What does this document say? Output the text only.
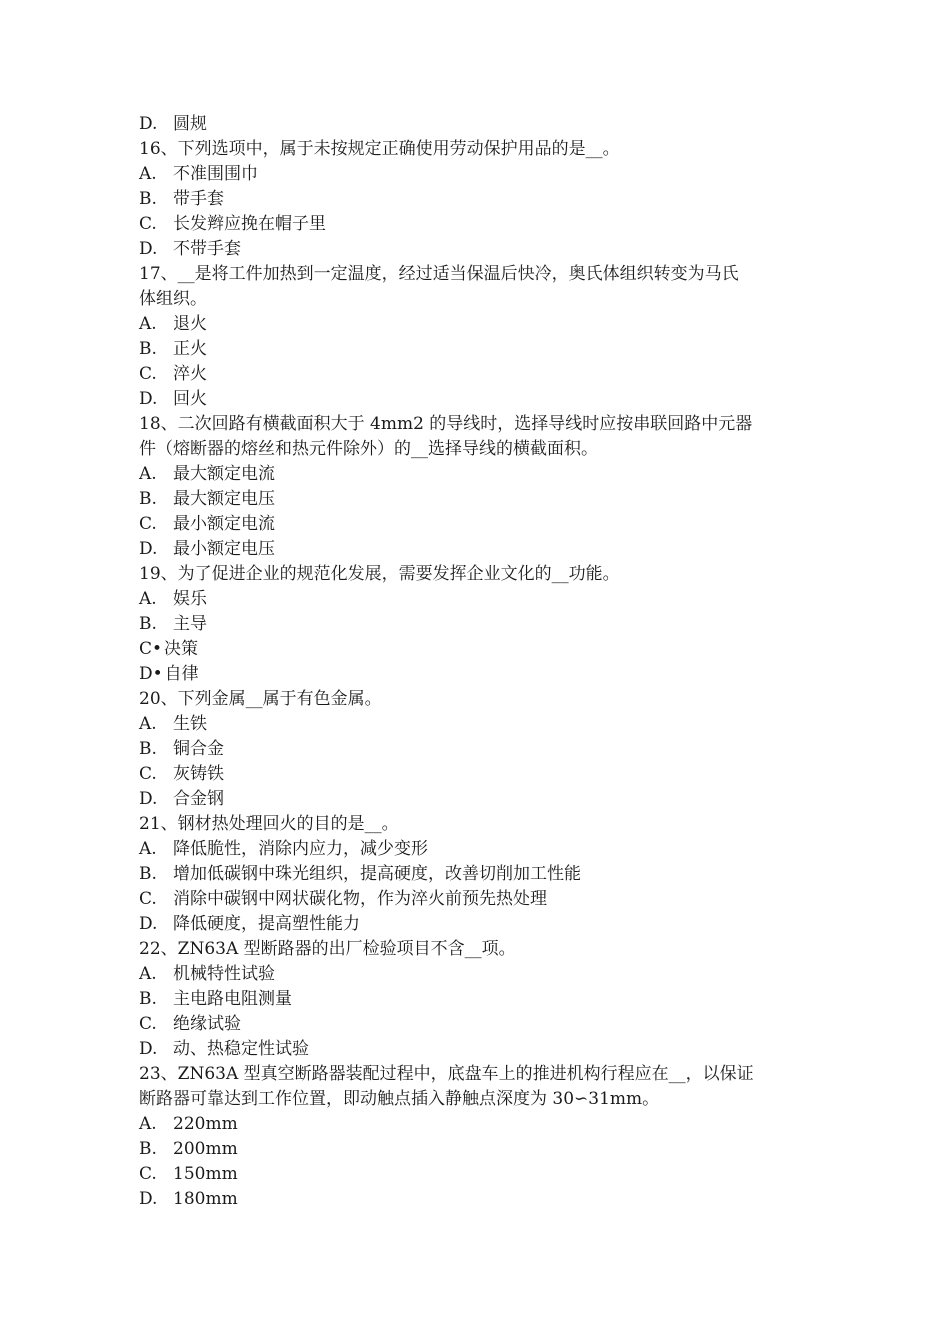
D. 圆规
16、下列选项中，属于未按规定正确使用劳动保护用品的是__。
A. 不准围围巾
B. 带手套
C. 长发辫应挽在帽子里
D. 不带手套
17、__是将工件加热到一定温度，经过适当保温后快冷，奥氏体组织转变为马氏
体组织。
A. 退火
B. 正火
C. 淬火
D. 回火
18、二次回路有横截面积大于 4mm2 的导线时，选择导线时应按串联回路中元器
件（熔断器的熔丝和热元件除外）的__选择导线的横截面积。
A. 最大额定电流
B. 最大额定电压
C. 最小额定电流
D. 最小额定电压
19、为了促进企业的规范化发展，需要发挥企业文化的__功能。
A. 娱乐
B. 主导
C• 决策
D• 自律
20、下列金属__属于有色金属。
A. 生铁
B. 铜合金
C. 灰铸铁
D. 合金钢
21、钢材热处理回火的目的是__。
A. 降低脆性，消除内应力，减少变形
B. 增加低碳钢中珠光组织，提高硬度，改善切削加工性能
C. 消除中碳钢中网状碳化物，作为淬火前预先热处理
D. 降低硬度，提高塑性能力
22、ZN63A 型断路器的出厂检验项目不含__项。
A. 机械特性试验
B. 主电路电阻测量
C. 绝缘试验
D. 动、热稳定性试验
23、ZN63A 型真空断路器装配过程中，底盘车上的推进机构行程应在__，以保证
断路器可靠达到工作位置，即动触点插入静触点深度为 30∽31mm。
A. 220mm
B. 200mm
C. 150mm
D. 180mm
